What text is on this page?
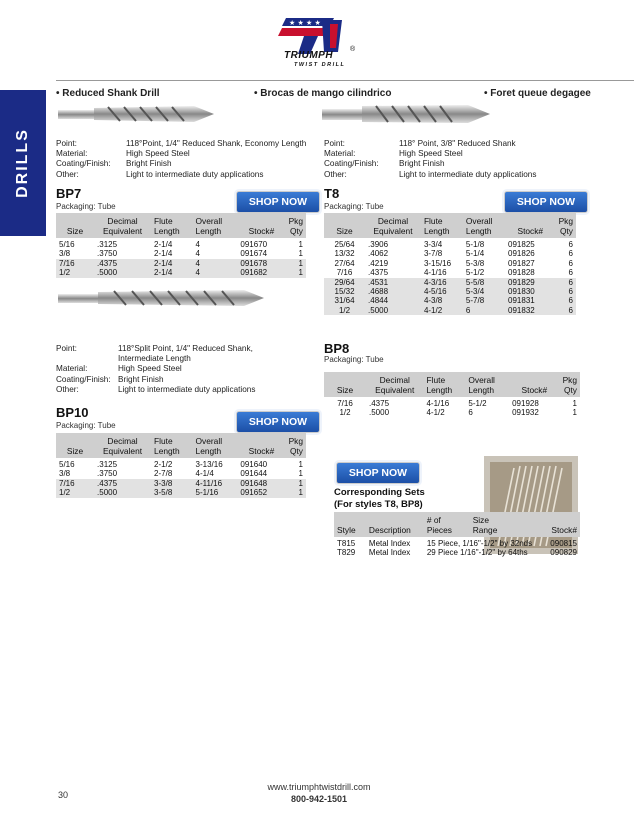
DRILLS
★ ★ ★ ★
TRIUMPH
TWIST DRILL
®
• Reduced Shank Drill	• Brocas de mango cilindrico	• Foret queue degagee
Point:	118°Point, 1/4" Reduced Shank, Economy Length
Material:	High Speed Steel
Coating/Finish:	Bright Finish
Other:	Light to intermediate duty applications
Point:	118° Point, 3/8" Reduced Shank
Material:	High Speed Steel
Coating/Finish:	Bright Finish
Other:	Light to intermediate duty applications
BP7
Packaging: Tube	SHOP NOW
Size	Decimal
Equivalent	Flute
Length	Overall
Length	Stock#	Pkg
Qty
5/16	.3125	2-1/4	4	091670	1
3/8	.3750	2-1/4	4	091674	1
7/16	.4375	2-1/4	4	091678	1
1/2	.5000	2-1/4	4	091682	1
T8
Packaging: Tube	SHOP NOW
Size	Decimal
Equivalent	Flute
Length	Overall
Length	Stock#	Pkg
Qty
25/64	.3906	3-3/4	5-1/8	091825	6
13/32	.4062	3-7/8	5-1/4	091826	6
27/64	.4219	3-15/16	5-3/8	091827	6
7/16	.4375	4-1/16	5-1/2	091828	6
29/64	.4531	4-3/16	5-5/8	091829	6
15/32	.4688	4-5/16	5-3/4	091830	6
31/64	.4844	4-3/8	5-7/8	091831	6
1/2	.5000	4-1/2	6	091832	6
Point:	118°Split Point, 1/4" Reduced Shank,
Intermediate Length
Material:	High Speed Steel
Coating/Finish: Bright Finish
Other:	Light to intermediate duty applications
BP10
Packaging: Tube	SHOP NOW
Size	Decimal
Equivalent	Flute
Length	Overall
Length	Stock#	Pkg
Qty
5/16	.3125	2-1/2	3-13/16	091640	1
3/8	.3750	2-7/8	4-1/4	091644	1
7/16	.4375	3-3/8	4-11/16	091648	1
1/2	.5000	3-5/8	5-1/16	091652	1
BP8
Packaging: Tube
Size	Decimal
Equivalent	Flute
Length	Overall
Length	Stock#	Pkg
Qty
7/16	.4375	4-1/16	5-1/2	091928	1
1/2	.5000	4-1/2	6	091932	1
SHOP NOW
Corresponding Sets
(For styles T8, BP8)
Style	Description	# of
Pieces	Size
Range	Stock#
T815	Metal Index	15 Piece, 1/16"-1/2" by 32nds		090815
T829	Metal Index	29 Piece 1/16"-1/2" by 64ths		090829
30
www.triumphtwistdrill.com
800-942-1501
